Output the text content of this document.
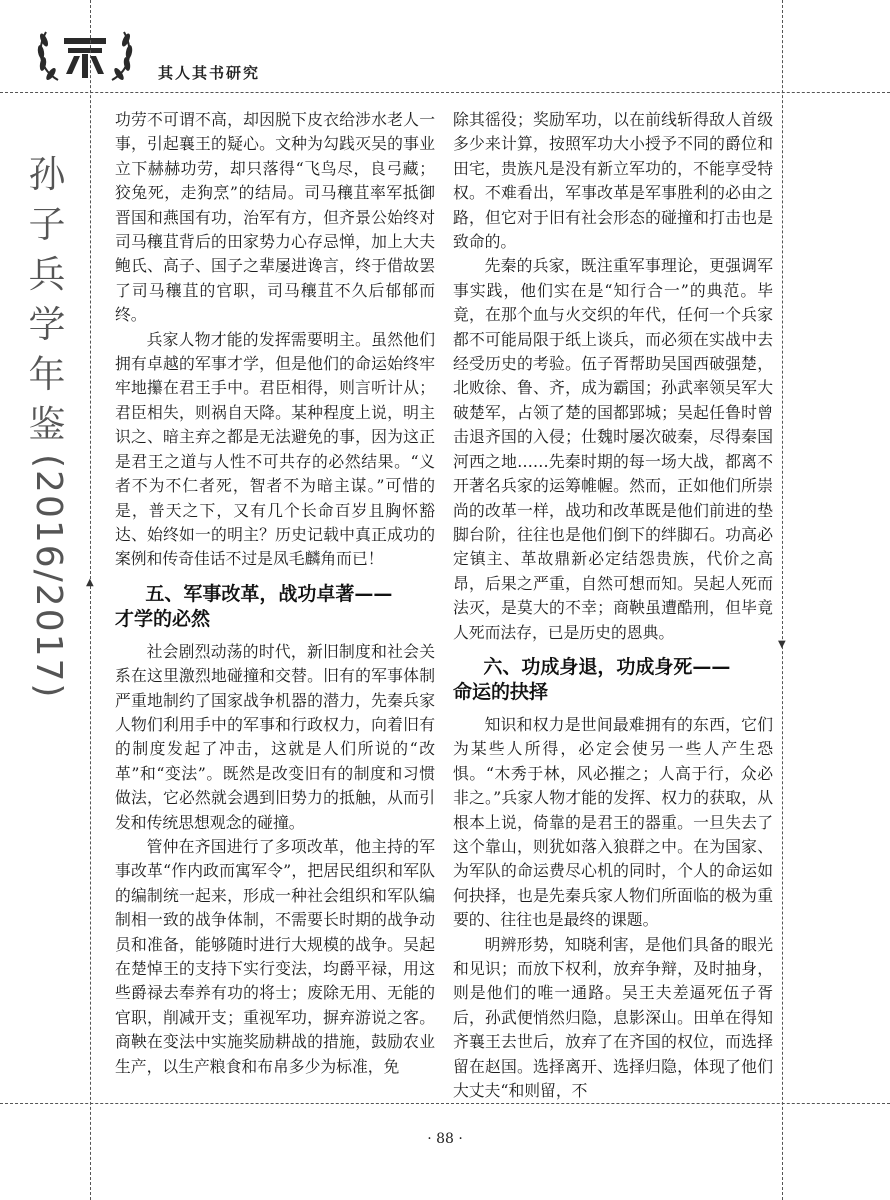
其人其书研究
▲
▼
孙
子
兵
学
年
鉴
(2016/2017)

功劳不可谓不高，却因脱下皮衣给涉水老人一事，引起襄王的疑心。文种为勾践灭吴的事业立下赫赫功劳，却只落得“飞鸟尽，良弓藏；狡兔死，走狗烹”的结局。司马穰苴率军抵御晋国和燕国有功，治军有方，但齐景公始终对司马穰苴背后的田家势力心存忌惮，加上大夫鲍氏、高子、国子之辈屡进谗言，终于借故罢了司马穰苴的官职，司马穰苴不久后郁郁而终。

兵家人物才能的发挥需要明主。虽然他们拥有卓越的军事才学，但是他们的命运始终牢牢地攥在君王手中。君臣相得，则言听计从；君臣相失，则祸自天降。某种程度上说，明主识之、暗主弃之都是无法避免的事，因为这正是君王之道与人性不可共存的必然结果。“义者不为不仁者死，智者不为暗主谋。”可惜的是，普天之下，又有几个长命百岁且胸怀豁达、始终如一的明主？历史记载中真正成功的案例和传奇佳话不过是凤毛麟角而已！

五、军事改革，战功卓著——
才学的必然

社会剧烈动荡的时代，新旧制度和社会关系在这里激烈地碰撞和交替。旧有的军事体制严重地制约了国家战争机器的潜力，先秦兵家人物们利用手中的军事和行政权力，向着旧有的制度发起了冲击，这就是人们所说的“改革”和“变法”。既然是改变旧有的制度和习惯做法，它必然就会遇到旧势力的抵触，从而引发和传统思想观念的碰撞。

管仲在齐国进行了多项改革，他主持的军事改革“作内政而寓军令”，把居民组织和军队的编制统一起来，形成一种社会组织和军队编制相一致的战争体制，不需要长时期的战争动员和准备，能够随时进行大规模的战争。吴起在楚悼王的支持下实行变法，均爵平禄，用这些爵禄去奉养有功的将士；废除无用、无能的官职，削减开支；重视军功，摒弃游说之客。商鞅在变法中实施奖励耕战的措施，鼓励农业生产，以生产粮食和布帛多少为标准，免

除其徭役；奖励军功，以在前线斩得敌人首级多少来计算，按照军功大小授予不同的爵位和田宅，贵族凡是没有新立军功的，不能享受特权。不难看出，军事改革是军事胜利的必由之路，但它对于旧有社会形态的碰撞和打击也是致命的。

先秦的兵家，既注重军事理论，更强调军事实践，他们实在是“知行合一”的典范。毕竟，在那个血与火交织的年代，任何一个兵家都不可能局限于纸上谈兵，而必须在实战中去经受历史的考验。伍子胥帮助吴国西破强楚，北败徐、鲁、齐，成为霸国；孙武率领吴军大破楚军，占领了楚的国都郢城；吴起任鲁时曾击退齐国的入侵；仕魏时屡次破秦，尽得秦国河西之地……先秦时期的每一场大战，都离不开著名兵家的运筹帷幄。然而，正如他们所崇尚的改革一样，战功和改革既是他们前进的垫脚台阶，往往也是他们倒下的绊脚石。功高必定镇主、革故鼎新必定结怨贵族，代价之高昂，后果之严重，自然可想而知。吴起人死而法灭，是莫大的不幸；商鞅虽遭酷刑，但毕竟人死而法存，已是历史的恩典。

六、功成身退，功成身死——
命运的抉择

知识和权力是世间最难拥有的东西，它们为某些人所得，必定会使另一些人产生恐惧。“木秀于林，风必摧之；人高于行，众必非之。”兵家人物才能的发挥、权力的获取，从根本上说，倚靠的是君王的器重。一旦失去了这个靠山，则犹如落入狼群之中。在为国家、为军队的命运费尽心机的同时，个人的命运如何抉择，也是先秦兵家人物们所面临的极为重要的、往往也是最终的课题。

明辨形势，知晓利害，是他们具备的眼光和见识；而放下权利，放弃争辩，及时抽身，则是他们的唯一通路。吴王夫差逼死伍子胥后，孙武便悄然归隐，息影深山。田单在得知齐襄王去世后，放弃了在齐国的权位，而选择留在赵国。选择离开、选择归隐，体现了他们大丈夫“和则留，不

· 88 ·
